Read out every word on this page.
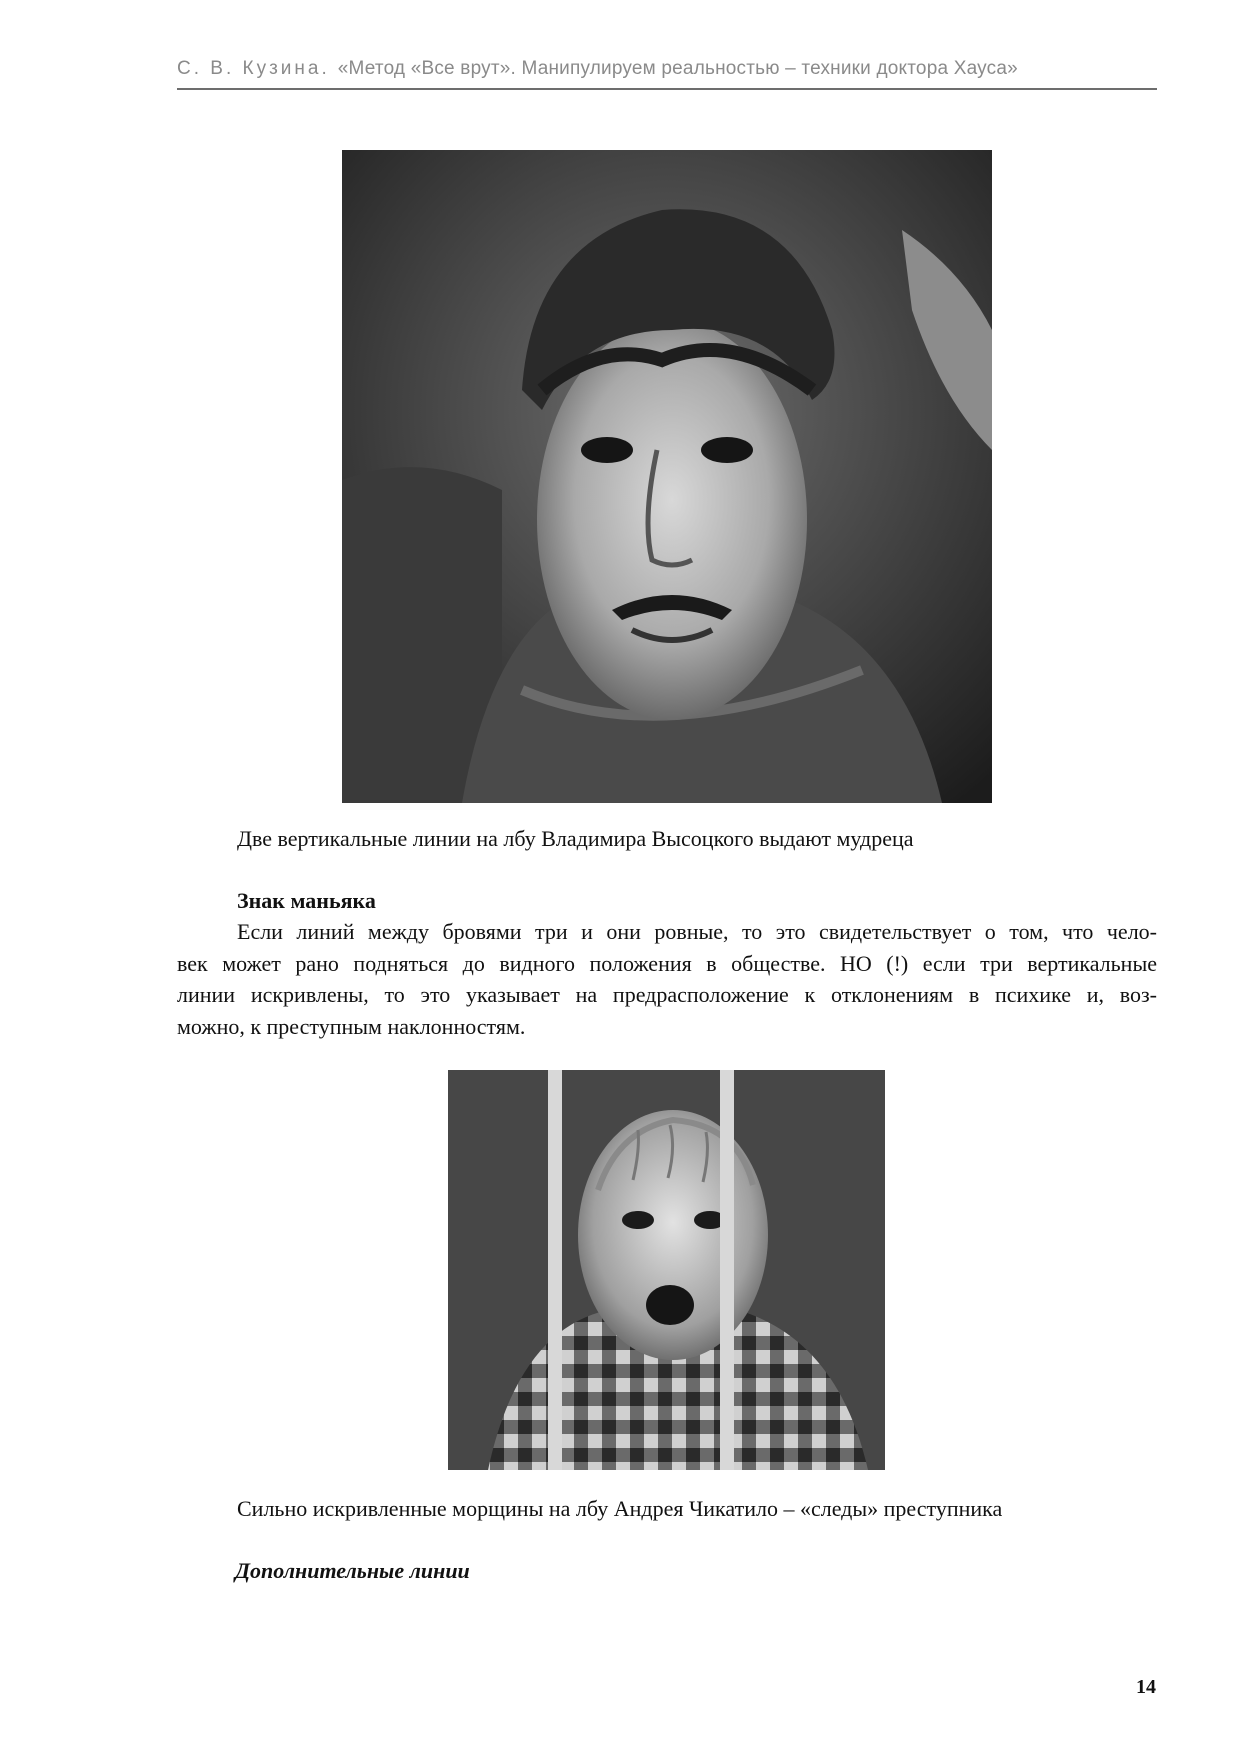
С. В. Кузина. «Метод «Все врут». Манипулируем реальностью – техники доктора Хауса»
Две вертикальные линии на лбу Владимира Высоцкого выдают мудреца
Знак маньяка
Если линий между бровями три и они ровные, то это свидетельствует о том, что чело-
век может рано подняться до видного положения в обществе. НО (!) если три вертикальные
линии искривлены, то это указывает на предрасположение к отклонениям в психике и, воз-
можно, к преступным наклонностям.
Сильно искривленные морщины на лбу Андрея Чикатило – «следы» преступника
Дополнительные линии
14
